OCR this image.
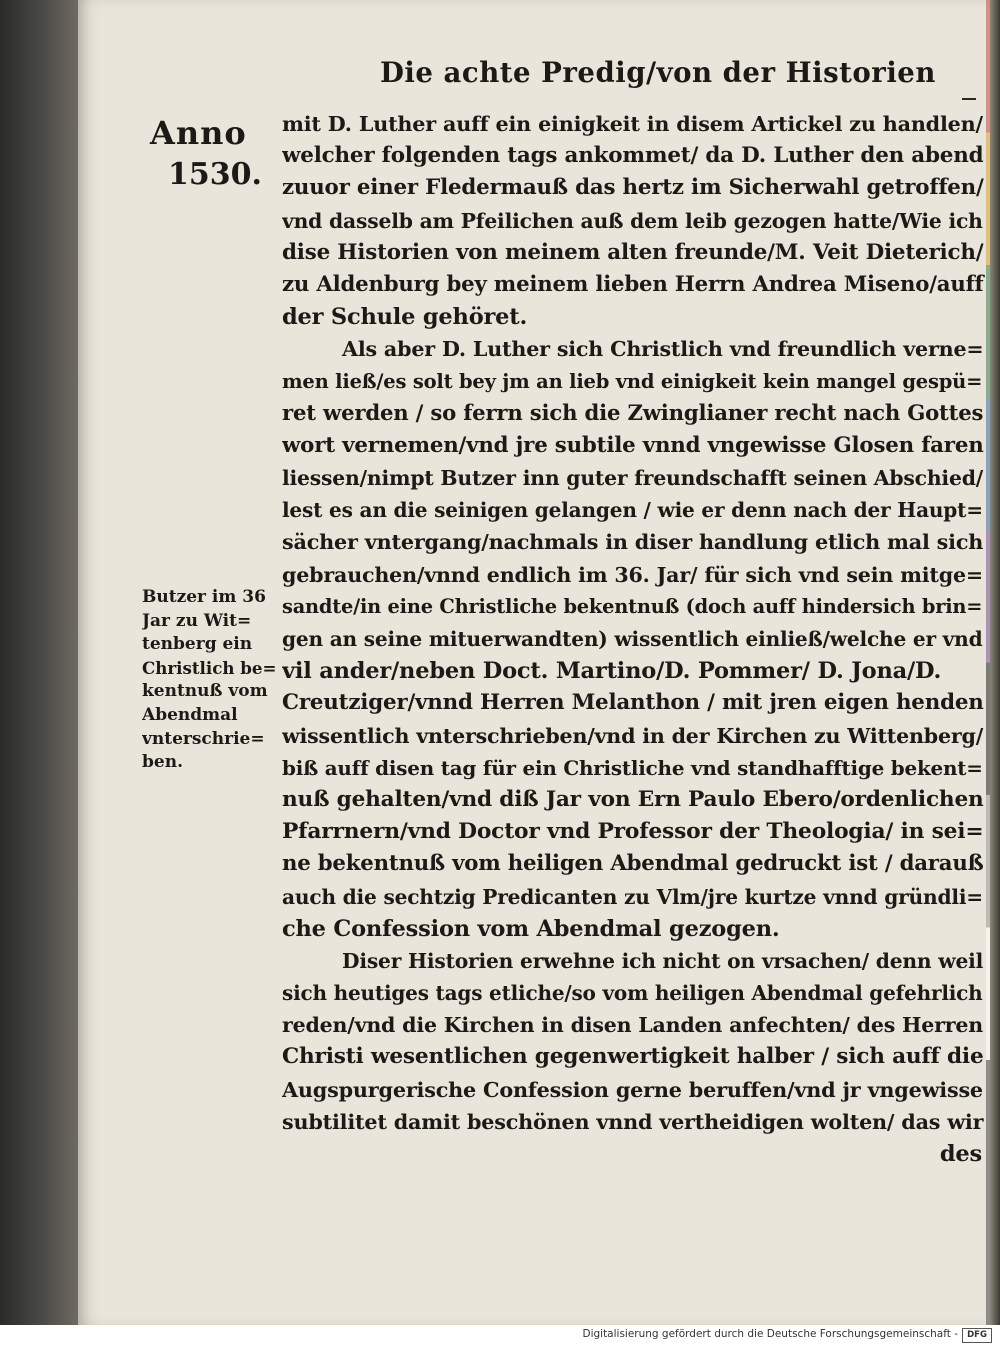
Die achte Predig/von der Historien
Anno
1530.
mit D. Luther auff ein einigkeit in disem Artickel zu handlen/
welcher folgenden tags ankommet/ da D. Luther den abend
zuuor einer Fledermauß das hertz im Sicherwahl getroffen/
vnd dasselb am Pfeilichen auß dem leib gezogen hatte/Wie ich
dise Historien von meinem alten freunde/M. Veit Dieterich/
zu Aldenburg bey meinem lieben Herrn Andrea Miseno/auff
der Schule gehöret.
Als aber D. Luther sich Christlich vnd freundlich verne=
men ließ/es solt bey jm an lieb vnd einigkeit kein mangel gespü=
ret werden / so ferrn sich die Zwinglianer recht nach Gottes
wort vernemen/vnd jre subtile vnnd vngewisse Glosen faren
liessen/nimpt Butzer inn guter freundschafft seinen Abschied/
lest es an die seinigen gelangen / wie er denn nach der Haupt=
sächer vntergang/nachmals in diser handlung etlich mal sich
gebrauchen/vnnd endlich im 36. Jar/ für sich vnd sein mitge=
sandte/in eine Christliche bekentnuß (doch auff hindersich brin=
gen an seine mituerwandten) wissentlich einließ/welche er vnd
vil ander/neben Doct. Martino/D. Pommer/ D. Jona/D.
Creutziger/vnnd Herren Melanthon / mit jren eigen henden
wissentlich vnterschrieben/vnd in der Kirchen zu Wittenberg/
biß auff disen tag für ein Christliche vnd standhafftige bekent=
nuß gehalten/vnd diß Jar von Ern Paulo Ebero/ordenlichen
Pfarrnern/vnd Doctor vnd Professor der Theologia/ in sei=
ne bekentnuß vom heiligen Abendmal gedruckt ist / darauß
auch die sechtzig Predicanten zu Vlm/jre kurtze vnnd gründli=
che Confession vom Abendmal gezogen.
Diser Historien erwehne ich nicht on vrsachen/ denn weil
sich heutiges tags etliche/so vom heiligen Abendmal gefehrlich
reden/vnd die Kirchen in disen Landen anfechten/ des Herren
Christi wesentlichen gegenwertigkeit halber / sich auff die
Augspurgerische Confession gerne beruffen/vnd jr vngewisse
subtilitet damit beschönen vnnd vertheidigen wolten/ das wir
des
Butzer im 36
Jar zu Wit=
tenberg ein
Christlich be=
kentnuß vom
Abendmal
vnterschrie=
ben.
Digitalisierung gefördert durch die Deutsche Forschungsgemeinschaft -	DFG
